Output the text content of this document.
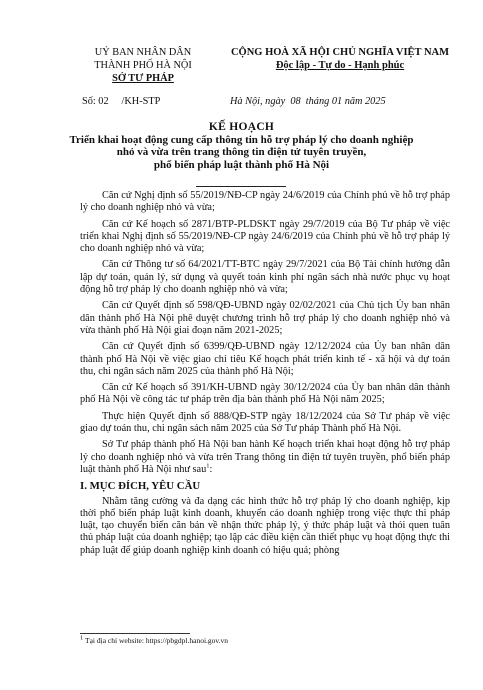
UỶ BAN NHÂN DÂN
THÀNH PHỐ HÀ NỘI
SỞ TƯ PHÁP
CỘNG HOÀ XÃ HỘI CHỦ NGHĨA VIỆT NAM
Độc lập - Tự do - Hạnh phúc
Số: 02     /KH-STP	Hà Nội, ngày  08  tháng 01 năm 2025
KẾ HOẠCH
Triển khai hoạt động cung cấp thông tin hỗ trợ pháp lý cho doanh nghiệp
nhỏ và vừa trên trang thông tin điện tử tuyên truyền,
phổ biến pháp luật thành phố Hà Nội

Căn cứ Nghị định số 55/2019/NĐ-CP ngày 24/6/2019 của Chính phủ về hỗ trợ pháp lý cho doanh nghiệp nhỏ và vừa;

Căn cứ Kế hoạch số 2871/BTP-PLDSKT ngày 29/7/2019 của Bộ Tư pháp về việc triển khai Nghị định số 55/2019/NĐ-CP ngày 24/6/2019 của Chính phủ về hỗ trợ pháp lý cho doanh nghiệp nhỏ và vừa;

Căn cứ Thông tư số 64/2021/TT-BTC ngày 29/7/2021 của Bộ Tài chính hướng dẫn lập dự toán, quản lý, sử dụng và quyết toán kinh phí ngân sách nhà nước phục vụ hoạt động hỗ trợ pháp lý cho doanh nghiệp nhỏ và vừa;

Căn cứ Quyết định số 598/QĐ-UBND ngày 02/02/2021 của Chủ tịch Ủy ban nhân dân thành phố Hà Nội phê duyệt chương trình hỗ trợ pháp lý cho doanh nghiệp nhỏ và vừa thành phố Hà Nội giai đoạn năm 2021-2025;

Căn cứ Quyết định số 6399/QĐ-UBND ngày 12/12/2024 của Ủy ban nhân dân thành phố Hà Nội về việc giao chỉ tiêu Kế hoạch phát triển kinh tế - xã hội và dự toán thu, chi ngân sách năm 2025 của thành phố Hà Nội;

Căn cứ Kế hoạch số 391/KH-UBND ngày 30/12/2024 của Ủy ban nhân dân thành phố Hà Nội về công tác tư pháp trên địa bàn thành phố Hà Nội năm 2025;

Thực hiện Quyết định số 888/QĐ-STP ngày 18/12/2024 của Sở Tư pháp về việc giao dự toán thu, chi ngân sách năm 2025 của Sở Tư pháp Thành phố Hà Nội.

Sở Tư pháp thành phố Hà Nội ban hành Kế hoạch triển khai hoạt động hỗ trợ pháp lý cho doanh nghiệp nhỏ và vừa trên Trang thông tin điện tử tuyên truyền, phổ biến pháp luật thành phố Hà Nội như sau$^1$:

I. MỤC ĐÍCH, YÊU CẦU

Nhằm tăng cường và đa dạng các hình thức hỗ trợ pháp lý cho doanh nghiệp, kịp thời phổ biến pháp luật kinh doanh, khuyến cáo doanh nghiệp trong việc thực thi pháp luật, tạo chuyển biến căn bản về nhận thức pháp lý, ý thức pháp luật và thói quen tuân thủ pháp luật của doanh nghiệp; tạo lập các điều kiện cần thiết phục vụ hoạt động thực thi pháp luật để giúp doanh nghiệp kinh doanh có hiệu quả; phòng

$^1$ Tại địa chỉ website: https://pbgdpl.hanoi.gov.vn
